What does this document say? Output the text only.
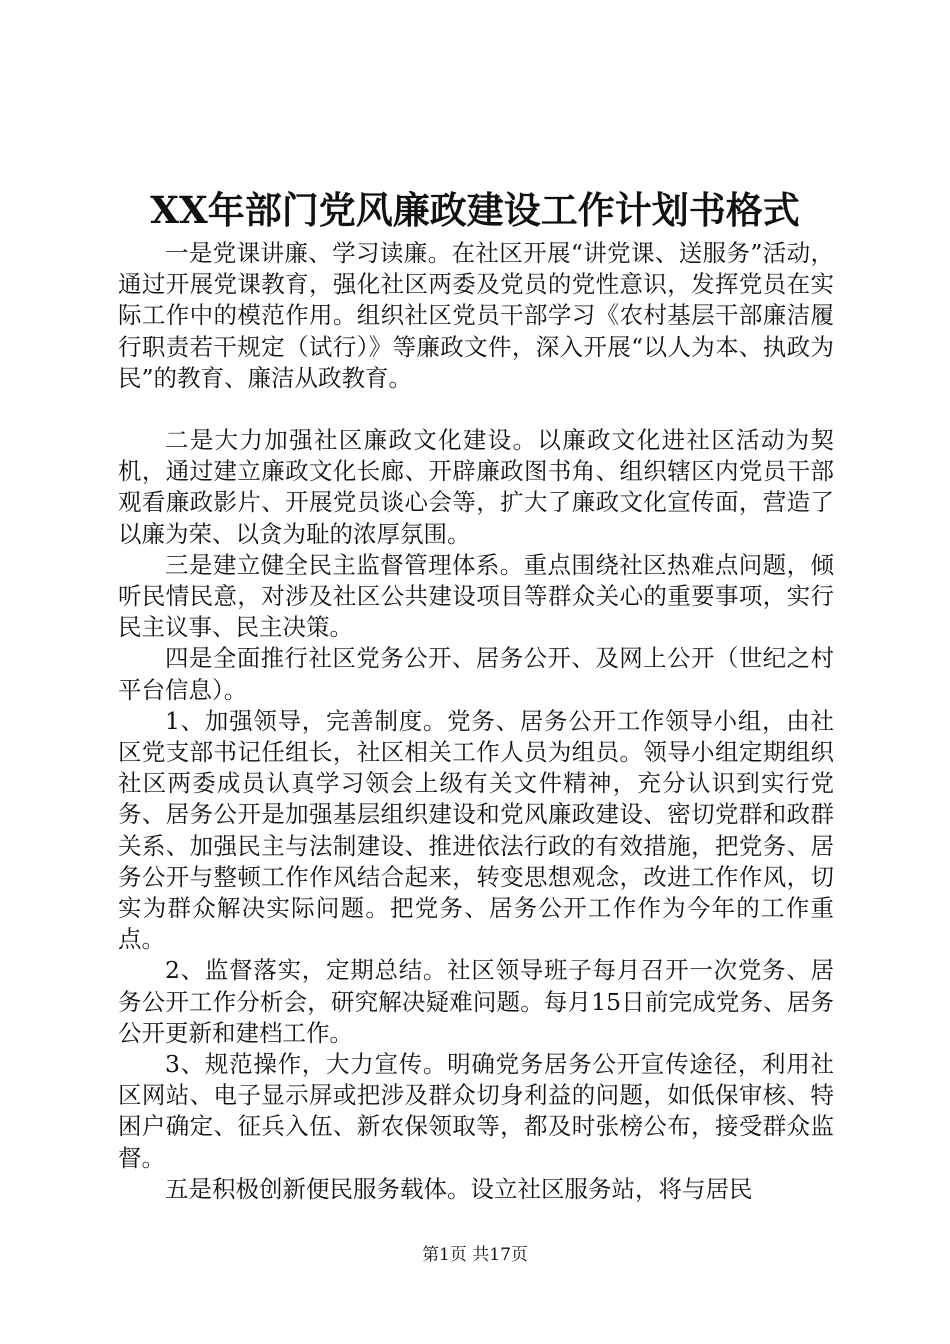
XX年部门党风廉政建设工作计划书格式

一是党课讲廉、学习读廉。在社区开展“讲党课、送服务”活动，通过开展党课教育，强化社区两委及党员的党性意识，发挥党员在实际工作中的模范作用。组织社区党员干部学习《农村基层干部廉洁履行职责若干规定（试行）》等廉政文件，深入开展“以人为本、执政为民”的教育、廉洁从政教育。

二是大力加强社区廉政文化建设。以廉政文化进社区活动为契机，通过建立廉政文化长廊、开辟廉政图书角、组织辖区内党员干部观看廉政影片、开展党员谈心会等，扩大了廉政文化宣传面，营造了以廉为荣、以贪为耻的浓厚氛围。

三是建立健全民主监督管理体系。重点围绕社区热难点问题，倾听民情民意，对涉及社区公共建设项目等群众关心的重要事项，实行民主议事、民主决策。

四是全面推行社区党务公开、居务公开、及网上公开（世纪之村平台信息）。

1、加强领导，完善制度。党务、居务公开工作领导小组，由社区党支部书记任组长，社区相关工作人员为组员。领导小组定期组织社区两委成员认真学习领会上级有关文件精神，充分认识到实行党务、居务公开是加强基层组织建设和党风廉政建设、密切党群和政群关系、加强民主与法制建设、推进依法行政的有效措施，把党务、居务公开与整顿工作作风结合起来，转变思想观念，改进工作作风，切实为群众解决实际问题。把党务、居务公开工作作为今年的工作重点。

2、监督落实，定期总结。社区领导班子每月召开一次党务、居务公开工作分析会，研究解决疑难问题。每月15日前完成党务、居务公开更新和建档工作。

3、规范操作，大力宣传。明确党务居务公开宣传途径，利用社区网站、电子显示屏或把涉及群众切身利益的问题，如低保审核、特困户确定、征兵入伍、新农保领取等，都及时张榜公布，接受群众监督。

五是积极创新便民服务载体。设立社区服务站，将与居民

第1页 共17页
